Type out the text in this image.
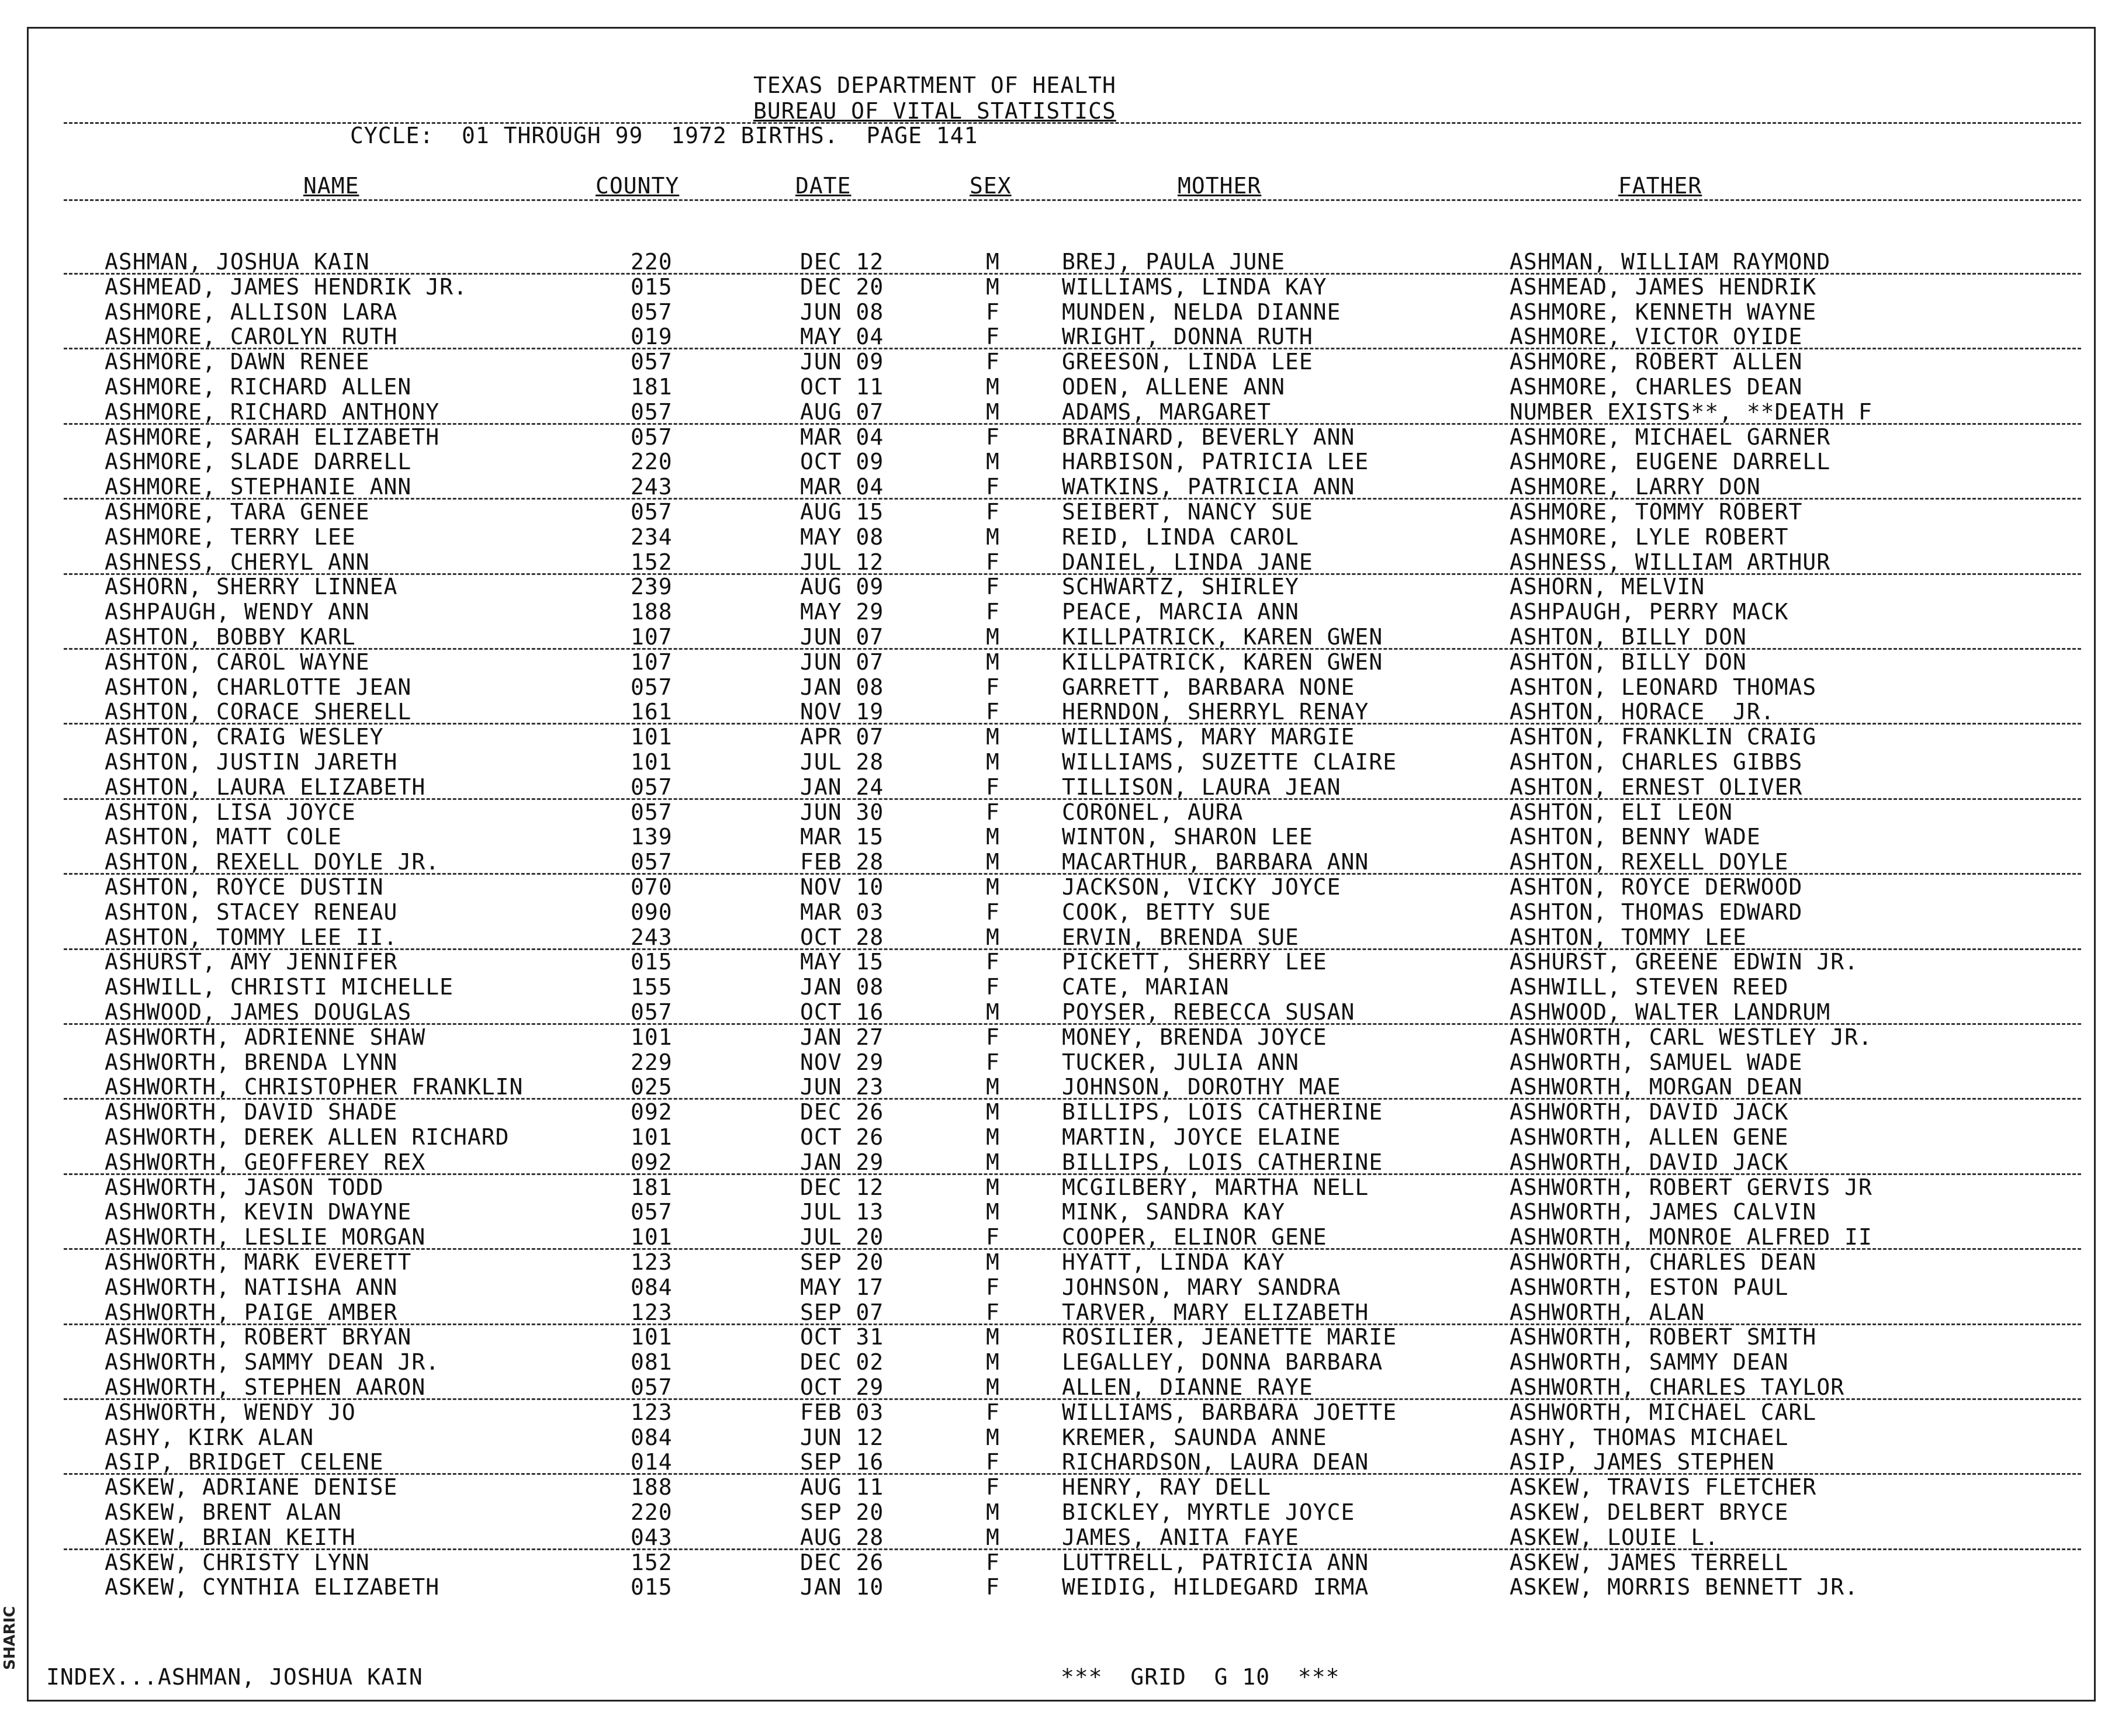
SHARIC
TEXAS DEPARTMENT OF HEALTH
BUREAU OF VITAL STATISTICS
CYCLE:  01 THROUGH 99  1972 BIRTHS.  PAGE 141
NAME	COUNTY	DATE	SEX	MOTHER	FATHER
ASHMAN, JOSHUA KAIN	220	DEC 12	M	BREJ, PAULA JUNE	ASHMAN, WILLIAM RAYMOND
ASHMEAD, JAMES HENDRIK JR.	015	DEC 20	M	WILLIAMS, LINDA KAY	ASHMEAD, JAMES HENDRIK
ASHMORE, ALLISON LARA	057	JUN 08	F	MUNDEN, NELDA DIANNE	ASHMORE, KENNETH WAYNE
ASHMORE, CAROLYN RUTH	019	MAY 04	F	WRIGHT, DONNA RUTH	ASHMORE, VICTOR OYIDE
ASHMORE, DAWN RENEE	057	JUN 09	F	GREESON, LINDA LEE	ASHMORE, ROBERT ALLEN
ASHMORE, RICHARD ALLEN	181	OCT 11	M	ODEN, ALLENE ANN	ASHMORE, CHARLES DEAN
ASHMORE, RICHARD ANTHONY	057	AUG 07	M	ADAMS, MARGARET	NUMBER EXISTS**, **DEATH F
ASHMORE, SARAH ELIZABETH	057	MAR 04	F	BRAINARD, BEVERLY ANN	ASHMORE, MICHAEL GARNER
ASHMORE, SLADE DARRELL	220	OCT 09	M	HARBISON, PATRICIA LEE	ASHMORE, EUGENE DARRELL
ASHMORE, STEPHANIE ANN	243	MAR 04	F	WATKINS, PATRICIA ANN	ASHMORE, LARRY DON
ASHMORE, TARA GENEE	057	AUG 15	F	SEIBERT, NANCY SUE	ASHMORE, TOMMY ROBERT
ASHMORE, TERRY LEE	234	MAY 08	M	REID, LINDA CAROL	ASHMORE, LYLE ROBERT
ASHNESS, CHERYL ANN	152	JUL 12	F	DANIEL, LINDA JANE	ASHNESS, WILLIAM ARTHUR
ASHORN, SHERRY LINNEA	239	AUG 09	F	SCHWARTZ, SHIRLEY	ASHORN, MELVIN
ASHPAUGH, WENDY ANN	188	MAY 29	F	PEACE, MARCIA ANN	ASHPAUGH, PERRY MACK
ASHTON, BOBBY KARL	107	JUN 07	M	KILLPATRICK, KAREN GWEN	ASHTON, BILLY DON
ASHTON, CAROL WAYNE	107	JUN 07	M	KILLPATRICK, KAREN GWEN	ASHTON, BILLY DON
ASHTON, CHARLOTTE JEAN	057	JAN 08	F	GARRETT, BARBARA NONE	ASHTON, LEONARD THOMAS
ASHTON, CORACE SHERELL	161	NOV 19	F	HERNDON, SHERRYL RENAY	ASHTON, HORACE  JR.
ASHTON, CRAIG WESLEY	101	APR 07	M	WILLIAMS, MARY MARGIE	ASHTON, FRANKLIN CRAIG
ASHTON, JUSTIN JARETH	101	JUL 28	M	WILLIAMS, SUZETTE CLAIRE	ASHTON, CHARLES GIBBS
ASHTON, LAURA ELIZABETH	057	JAN 24	F	TILLISON, LAURA JEAN	ASHTON, ERNEST OLIVER
ASHTON, LISA JOYCE	057	JUN 30	F	CORONEL, AURA	ASHTON, ELI LEON
ASHTON, MATT COLE	139	MAR 15	M	WINTON, SHARON LEE	ASHTON, BENNY WADE
ASHTON, REXELL DOYLE JR.	057	FEB 28	M	MACARTHUR, BARBARA ANN	ASHTON, REXELL DOYLE
ASHTON, ROYCE DUSTIN	070	NOV 10	M	JACKSON, VICKY JOYCE	ASHTON, ROYCE DERWOOD
ASHTON, STACEY RENEAU	090	MAR 03	F	COOK, BETTY SUE	ASHTON, THOMAS EDWARD
ASHTON, TOMMY LEE II.	243	OCT 28	M	ERVIN, BRENDA SUE	ASHTON, TOMMY LEE
ASHURST, AMY JENNIFER	015	MAY 15	F	PICKETT, SHERRY LEE	ASHURST, GREENE EDWIN JR.
ASHWILL, CHRISTI MICHELLE	155	JAN 08	F	CATE, MARIAN	ASHWILL, STEVEN REED
ASHWOOD, JAMES DOUGLAS	057	OCT 16	M	POYSER, REBECCA SUSAN	ASHWOOD, WALTER LANDRUM
ASHWORTH, ADRIENNE SHAW	101	JAN 27	F	MONEY, BRENDA JOYCE	ASHWORTH, CARL WESTLEY JR.
ASHWORTH, BRENDA LYNN	229	NOV 29	F	TUCKER, JULIA ANN	ASHWORTH, SAMUEL WADE
ASHWORTH, CHRISTOPHER FRANKLIN	025	JUN 23	M	JOHNSON, DOROTHY MAE	ASHWORTH, MORGAN DEAN
ASHWORTH, DAVID SHADE	092	DEC 26	M	BILLIPS, LOIS CATHERINE	ASHWORTH, DAVID JACK
ASHWORTH, DEREK ALLEN RICHARD	101	OCT 26	M	MARTIN, JOYCE ELAINE	ASHWORTH, ALLEN GENE
ASHWORTH, GEOFFEREY REX	092	JAN 29	M	BILLIPS, LOIS CATHERINE	ASHWORTH, DAVID JACK
ASHWORTH, JASON TODD	181	DEC 12	M	MCGILBERY, MARTHA NELL	ASHWORTH, ROBERT GERVIS JR
ASHWORTH, KEVIN DWAYNE	057	JUL 13	M	MINK, SANDRA KAY	ASHWORTH, JAMES CALVIN
ASHWORTH, LESLIE MORGAN	101	JUL 20	F	COOPER, ELINOR GENE	ASHWORTH, MONROE ALFRED II
ASHWORTH, MARK EVERETT	123	SEP 20	M	HYATT, LINDA KAY	ASHWORTH, CHARLES DEAN
ASHWORTH, NATISHA ANN	084	MAY 17	F	JOHNSON, MARY SANDRA	ASHWORTH, ESTON PAUL
ASHWORTH, PAIGE AMBER	123	SEP 07	F	TARVER, MARY ELIZABETH	ASHWORTH, ALAN
ASHWORTH, ROBERT BRYAN	101	OCT 31	M	ROSILIER, JEANETTE MARIE	ASHWORTH, ROBERT SMITH
ASHWORTH, SAMMY DEAN JR.	081	DEC 02	M	LEGALLEY, DONNA BARBARA	ASHWORTH, SAMMY DEAN
ASHWORTH, STEPHEN AARON	057	OCT 29	M	ALLEN, DIANNE RAYE	ASHWORTH, CHARLES TAYLOR
ASHWORTH, WENDY JO	123	FEB 03	F	WILLIAMS, BARBARA JOETTE	ASHWORTH, MICHAEL CARL
ASHY, KIRK ALAN	084	JUN 12	M	KREMER, SAUNDA ANNE	ASHY, THOMAS MICHAEL
ASIP, BRIDGET CELENE	014	SEP 16	F	RICHARDSON, LAURA DEAN	ASIP, JAMES STEPHEN
ASKEW, ADRIANE DENISE	188	AUG 11	F	HENRY, RAY DELL	ASKEW, TRAVIS FLETCHER
ASKEW, BRENT ALAN	220	SEP 20	M	BICKLEY, MYRTLE JOYCE	ASKEW, DELBERT BRYCE
ASKEW, BRIAN KEITH	043	AUG 28	M	JAMES, ANITA FAYE	ASKEW, LOUIE L.
ASKEW, CHRISTY LYNN	152	DEC 26	F	LUTTRELL, PATRICIA ANN	ASKEW, JAMES TERRELL
ASKEW, CYNTHIA ELIZABETH	015	JAN 10	F	WEIDIG, HILDEGARD IRMA	ASKEW, MORRIS BENNETT JR.
INDEX...ASHMAN, JOSHUA KAIN	***  GRID  G 10  ***
